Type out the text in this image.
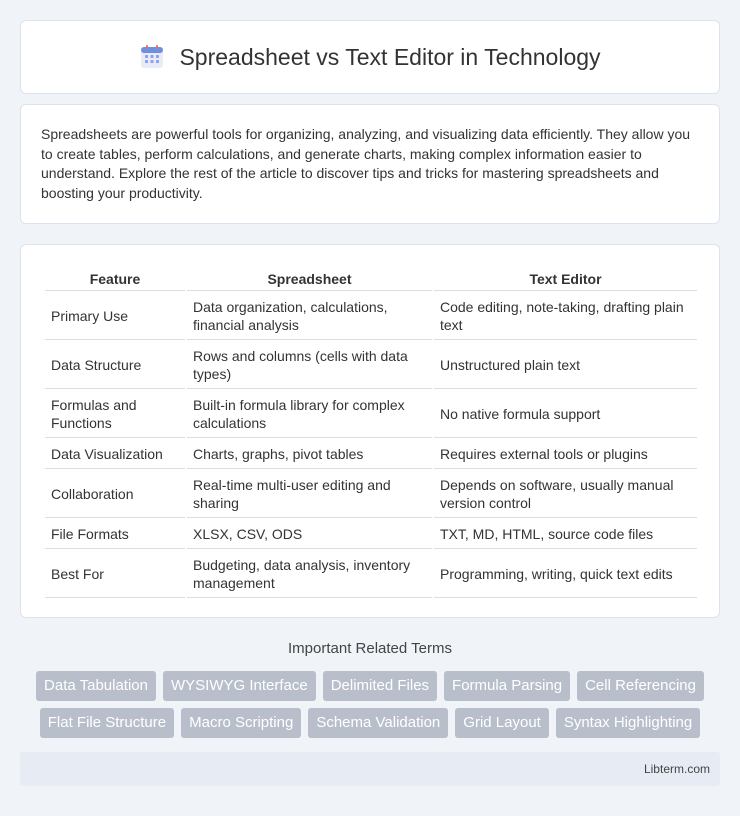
Spreadsheet vs Text Editor in Technology

Spreadsheets are powerful tools for organizing, analyzing, and visualizing data efficiently. They allow you to create tables, perform calculations, and generate charts, making complex information easier to understand. Explore the rest of the article to discover tips and tricks for mastering spreadsheets and boosting your productivity.

Feature	Spreadsheet	Text Editor
Primary Use	Data organization, calculations, financial analysis	Code editing, note-taking, drafting plain text
Data Structure	Rows and columns (cells with data types)	Unstructured plain text
Formulas and Functions	Built-in formula library for complex calculations	No native formula support
Data Visualization	Charts, graphs, pivot tables	Requires external tools or plugins
Collaboration	Real-time multi-user editing and sharing	Depends on software, usually manual version control
File Formats	XLSX, CSV, ODS	TXT, MD, HTML, source code files
Best For	Budgeting, data analysis, inventory management	Programming, writing, quick text edits
Important Related Terms
Data Tabulation	WYSIWYG Interface	Delimited Files	Formula Parsing	Cell Referencing
Flat File Structure	Macro Scripting	Schema Validation	Grid Layout	Syntax Highlighting
Libterm.com
